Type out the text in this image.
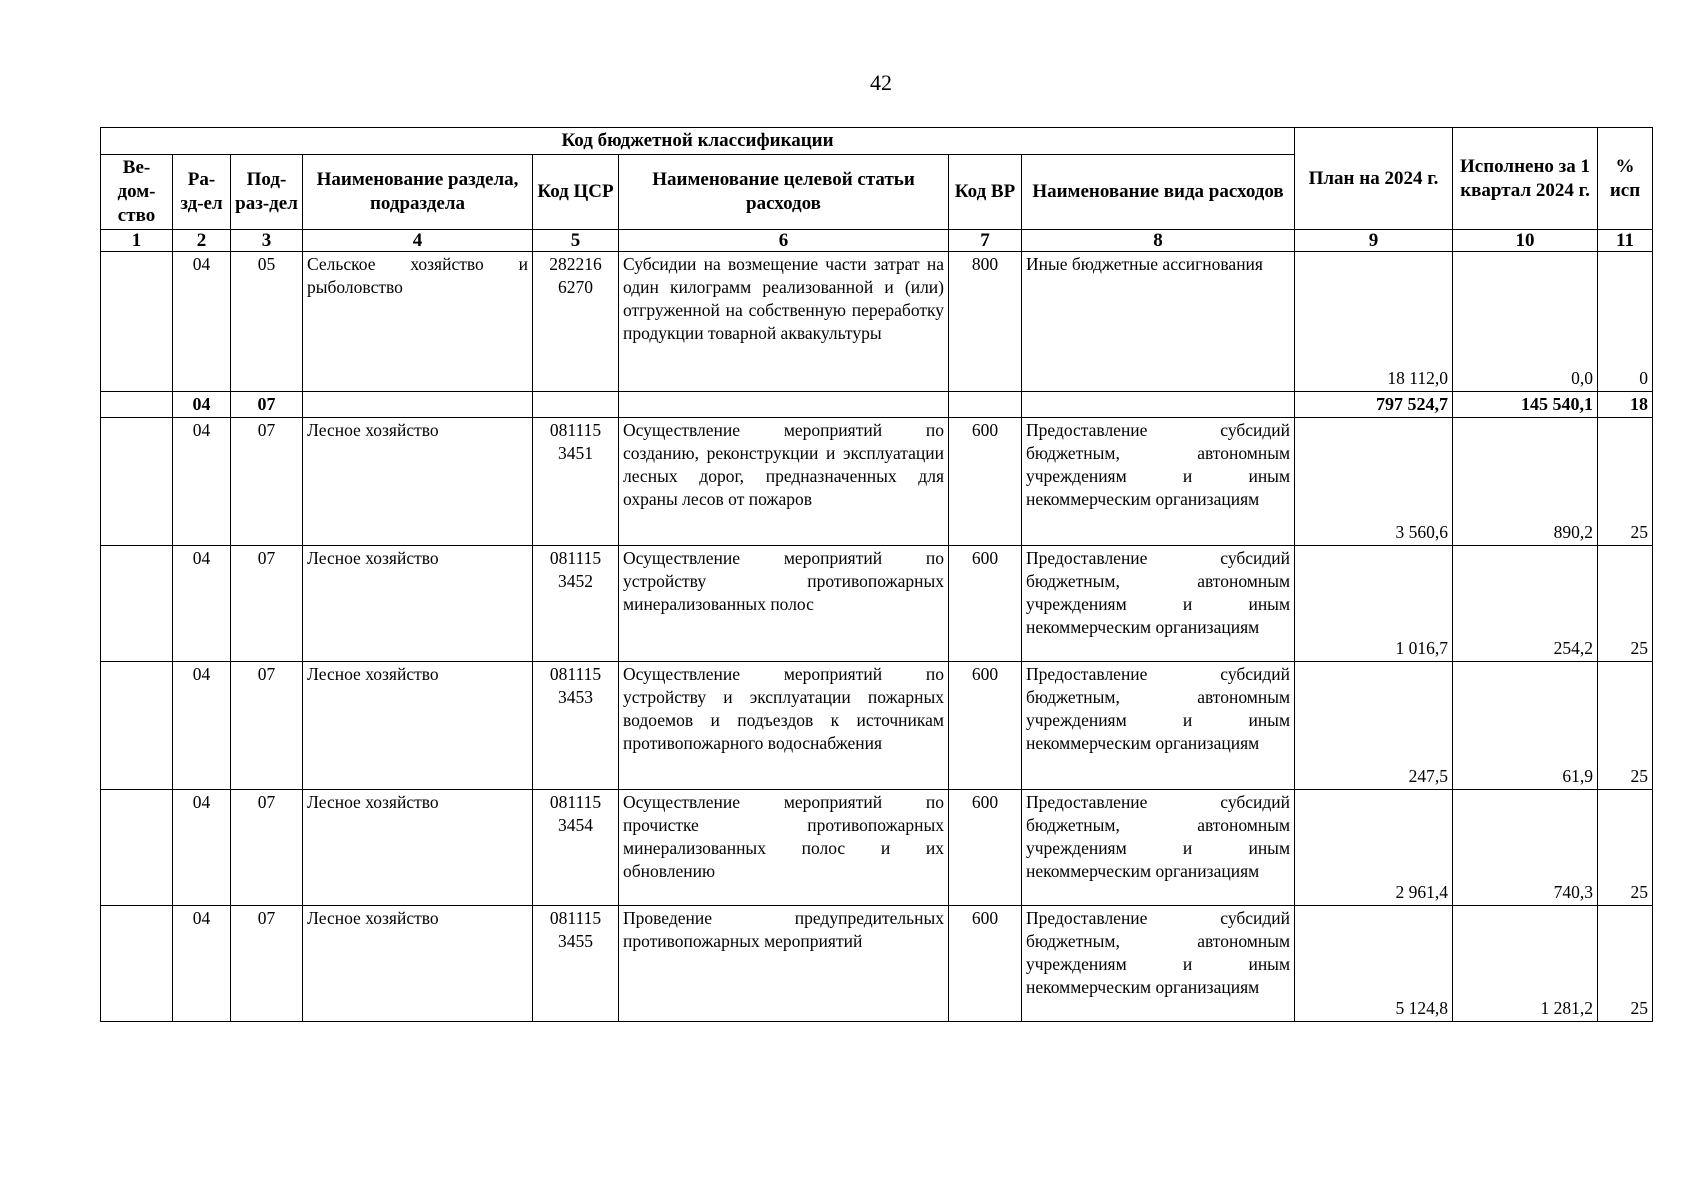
42
Код бюджетной классификации								План на 2024 г.	Исполнено за 1 квартал 2024 г.	% исп
Ве-дом-ство	Ра-зд-ел	Под-раз-дел	Наименование раздела, подраздела	Код ЦСР	Наименование целевой статьи расходов	Код ВР	Наименование вида расходов			
1	2	3	4	5	6	7	8	9	10	11
	04	05	Сельское хозяйство и рыболовство	282216 6270	Субсидии на возмещение части затрат на один килограмм реализованной и (или) отгруженной на собственную переработку продукции товарной аквакультуры	800	Иные бюджетные ассигнования	18 112,0	0,0	0
	04	07						797 524,7	145 540,1	18
	04	07	Лесное хозяйство	081115 3451	Осуществление мероприятий по созданию, реконструкции и эксплуатации лесных дорог, предназначенных для охраны лесов от пожаров	600	Предоставление субсидий бюджетным, автономным учреждениям и иным некоммерческим организациям	3 560,6	890,2	25
	04	07	Лесное хозяйство	081115 3452	Осуществление мероприятий по устройству противопожарных минерализованных полос	600	Предоставление субсидий бюджетным, автономным учреждениям и иным некоммерческим организациям	1 016,7	254,2	25
	04	07	Лесное хозяйство	081115 3453	Осуществление мероприятий по устройству и эксплуатации пожарных водоемов и подъездов к источникам противопожарного водоснабжения	600	Предоставление субсидий бюджетным, автономным учреждениям и иным некоммерческим организациям	247,5	61,9	25
	04	07	Лесное хозяйство	081115 3454	Осуществление мероприятий по прочистке противопожарных минерализованных полос и их обновлению	600	Предоставление субсидий бюджетным, автономным учреждениям и иным некоммерческим организациям	2 961,4	740,3	25
	04	07	Лесное хозяйство	081115 3455	Проведение предупредительных противопожарных мероприятий	600	Предоставление субсидий бюджетным, автономным учреждениям и иным некоммерческим организациям	5 124,8	1 281,2	25
